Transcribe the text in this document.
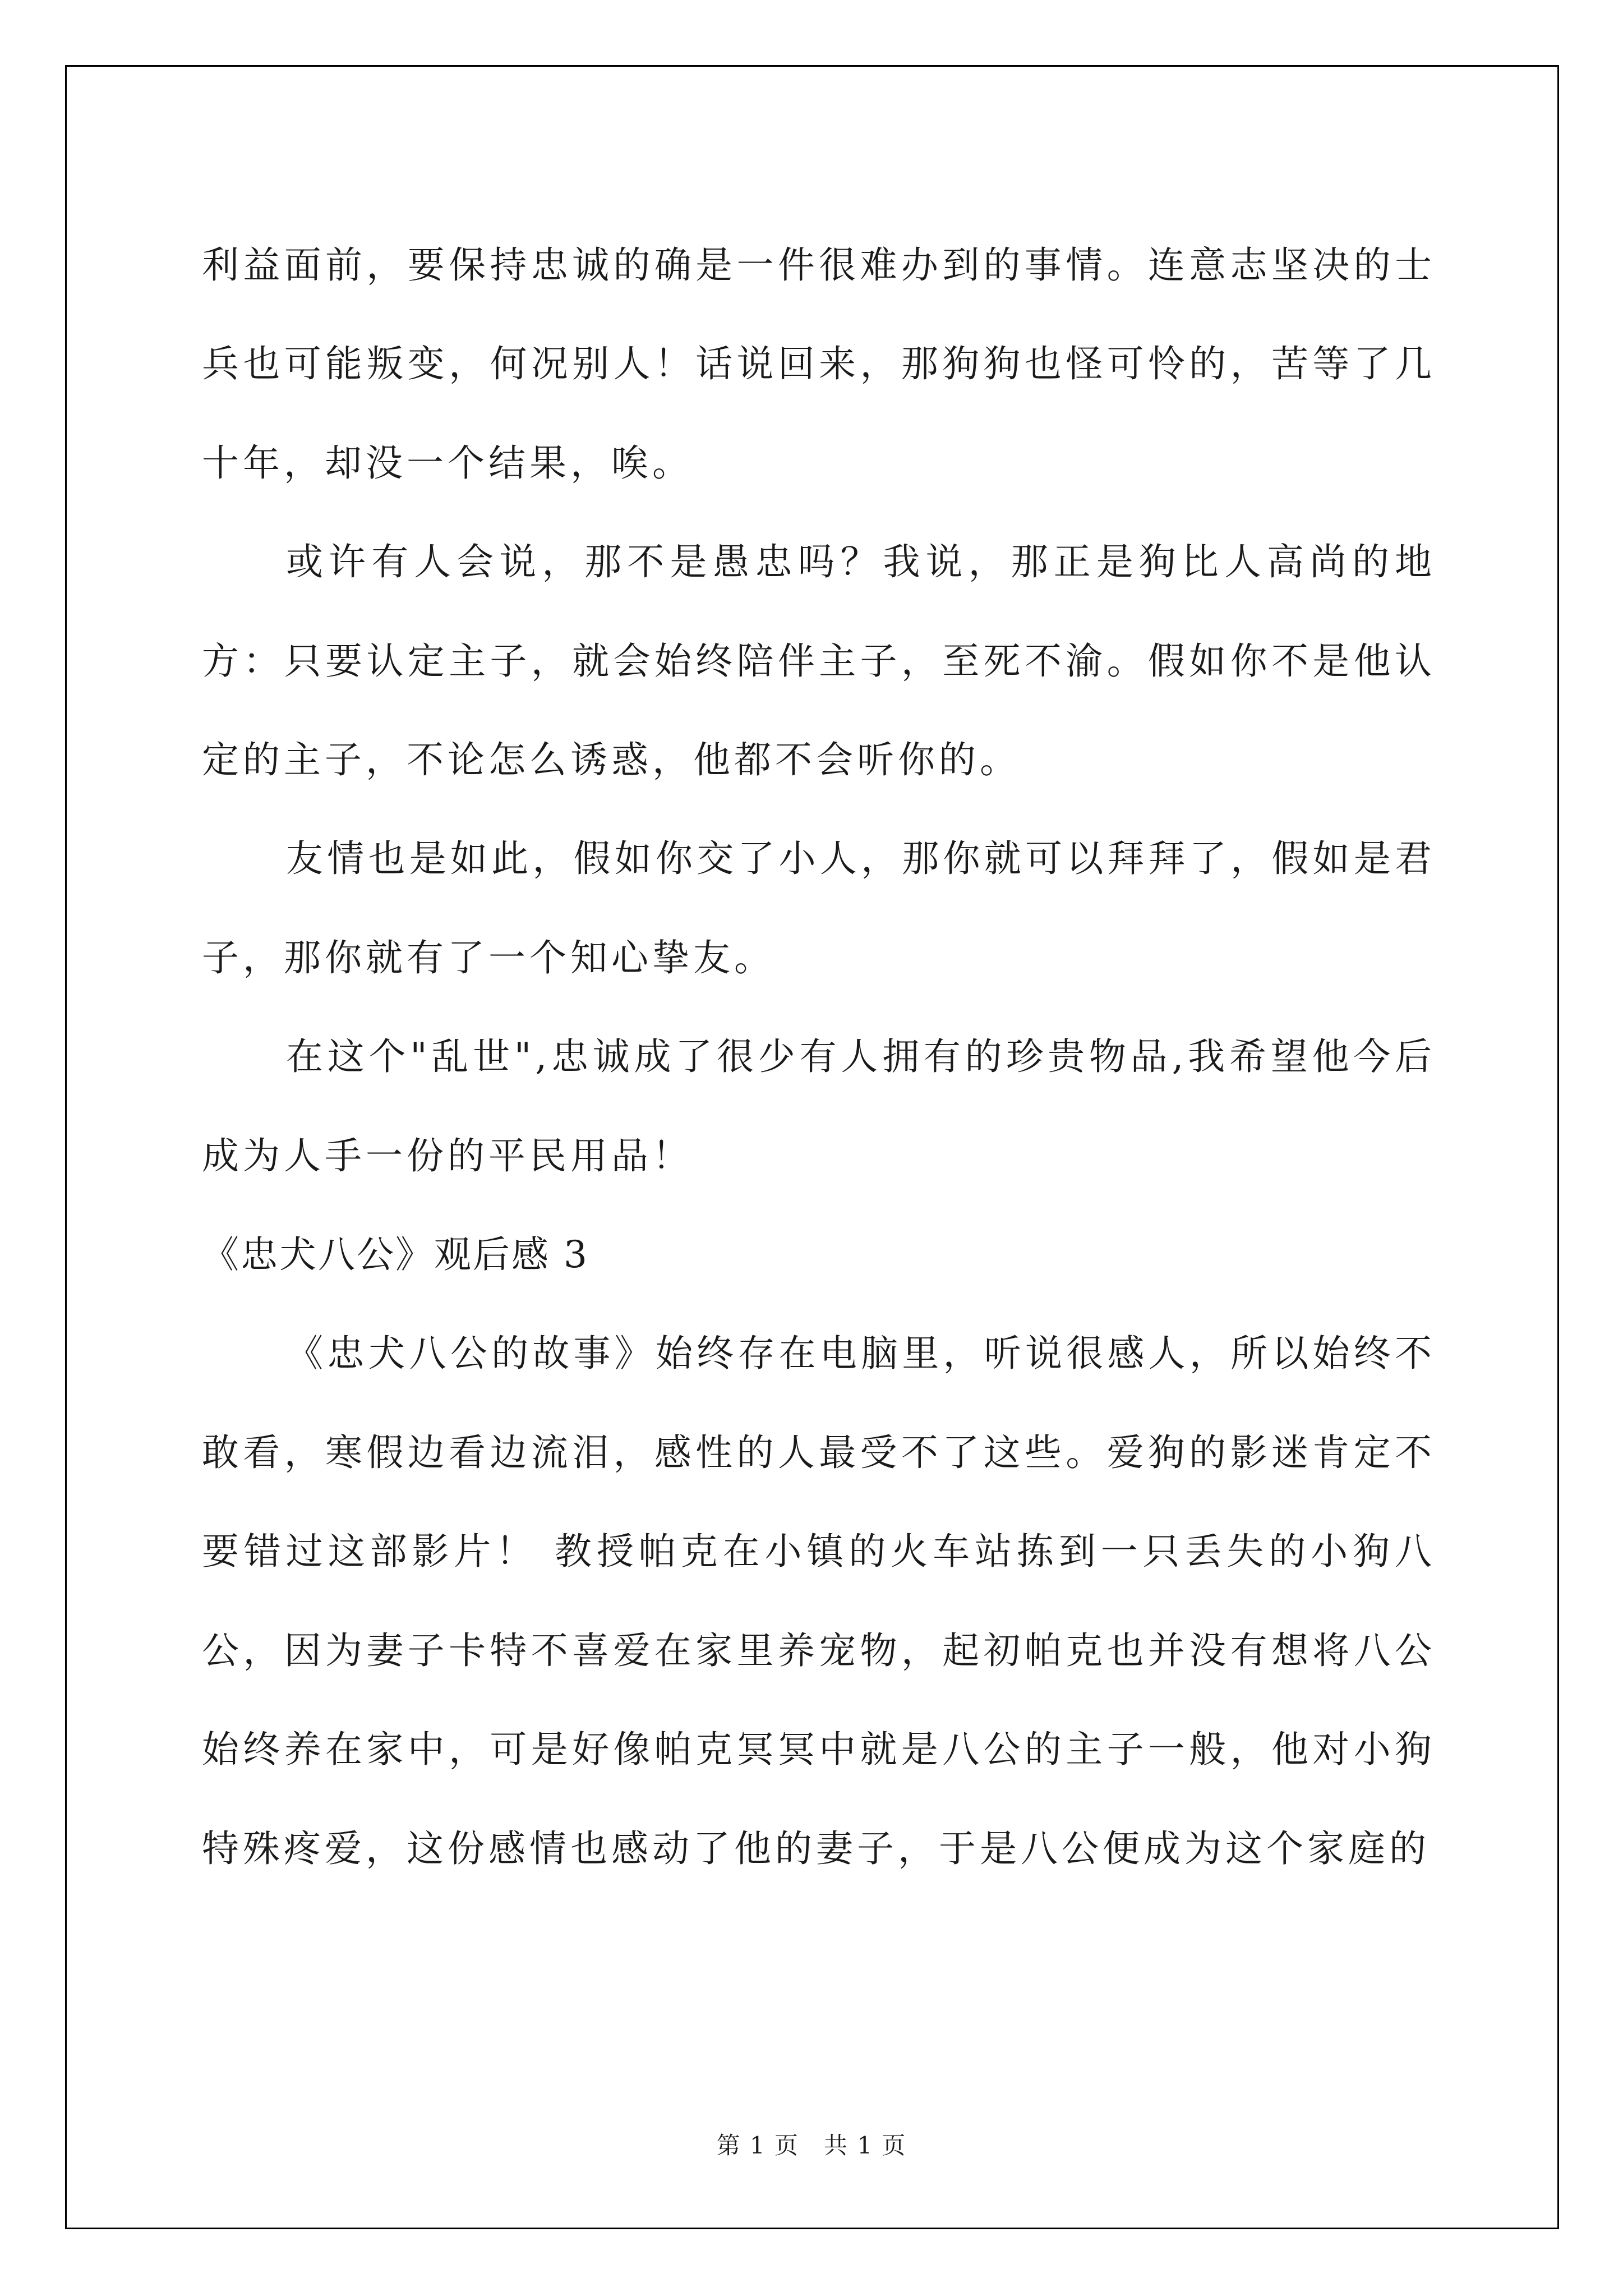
利益面前，要保持忠诚的确是一件很难办到的事情。连意志坚决的士兵也可能叛变，何况别人！话说回来，那狗狗也怪可怜的，苦等了几十年，却没一个结果，唉。

或许有人会说，那不是愚忠吗？我说，那正是狗比人高尚的地方：只要认定主子，就会始终陪伴主子，至死不渝。假如你不是他认定的主子，不论怎么诱惑，他都不会听你的。

友情也是如此，假如你交了小人，那你就可以拜拜了，假如是君子，那你就有了一个知心挚友。

在这个"乱世",忠诚成了很少有人拥有的珍贵物品,我希望他今后成为人手一份的平民用品！

《忠犬八公》观后感 3

《忠犬八公的故事》始终存在电脑里，听说很感人，所以始终不敢看，寒假边看边流泪，感性的人最受不了这些。爱狗的影迷肯定不要错过这部影片！ 教授帕克在小镇的火车站拣到一只丢失的小狗八公，因为妻子卡特不喜爱在家里养宠物，起初帕克也并没有想将八公始终养在家中，可是好像帕克冥冥中就是八公的主子一般，他对小狗特殊疼爱，这份感情也感动了他的妻子，于是八公便成为这个家庭的

第 1 页　共 1 页
